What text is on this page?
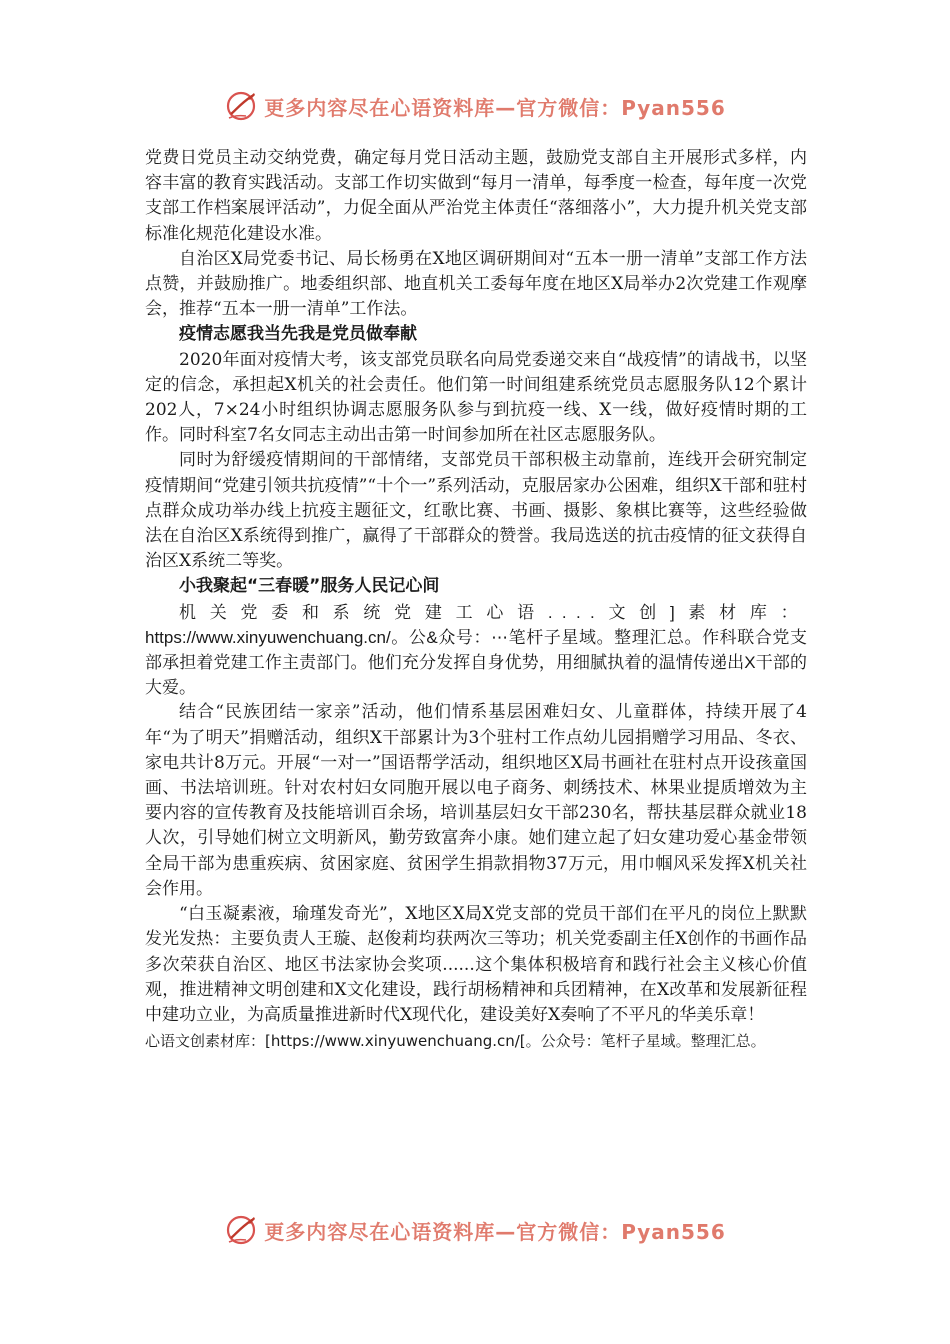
更多内容尽在心语资料库—官方微信：Pyan556

党费日党员主动交纳党费，确定每月党日活动主题，鼓励党支部自主开展形式多样，内容丰富的教育实践活动。支部工作切实做到“每月一清单，每季度一检查，每年度一次党支部工作档案展评活动”，力促全面从严治党主体责任“落细落小”，大力提升机关党支部标准化规范化建设水准。

自治区X局党委书记、局长杨勇在X地区调研期间对“五本一册一清单”支部工作方法点赞，并鼓励推广。地委组织部、地直机关工委每年度在地区X局举办2次党建工作观摩会，推荐“五本一册一清单”工作法。

疫情志愿我当先我是党员做奉献

2020年面对疫情大考，该支部党员联名向局党委递交来自“战疫情”的请战书，以坚定的信念，承担起X机关的社会责任。他们第一时间组建系统党员志愿服务队12个累计202人，7×24小时组织协调志愿服务队参与到抗疫一线、X一线，做好疫情时期的工作。同时科室7名女同志主动出击第一时间参加所在社区志愿服务队。

同时为舒缓疫情期间的干部情绪，支部党员干部积极主动靠前，连线开会研究制定疫情期间“党建引领共抗疫情”“十个一”系列活动，克服居家办公困难，组织X干部和驻村点群众成功举办线上抗疫主题征文，红歌比赛、书画、摄影、象棋比赛等，这些经验做法在自治区X系统得到推广，赢得了干部群众的赞誉。我局选送的抗击疫情的征文获得自治区X系统二等奖。

小我聚起“三春暖”服务人民记心间

机关党委和系统党建工心语....文创]素材库：https://www.xinyuwenchuang.cn/。公&众号：⋯笔杆子星域。整理汇总。作科联合党支部承担着党建工作主责部门。他们充分发挥自身优势，用细腻执着的温情传递出X干部的大爱。

结合“民族团结一家亲”活动，他们情系基层困难妇女、儿童群体，持续开展了4年“为了明天”捐赠活动，组织X干部累计为3个驻村工作点幼儿园捐赠学习用品、冬衣、家电共计8万元。开展“一对一”国语帮学活动，组织地区X局书画社在驻村点开设孩童国画、书法培训班。针对农村妇女同胞开展以电子商务、刺绣技术、林果业提质增效为主要内容的宣传教育及技能培训百余场，培训基层妇女干部230名，帮扶基层群众就业18人次，引导她们树立文明新风，勤劳致富奔小康。她们建立起了妇女建功爱心基金带领全局干部为患重疾病、贫困家庭、贫困学生捐款捐物37万元，用巾帼风采发挥X机关社会作用。

“白玉凝素液，瑜瑾发奇光”，X地区X局X党支部的党员干部们在平凡的岗位上默默发光发热：主要负责人王璇、赵俊莉均获两次三等功；机关党委副主任X创作的书画作品多次荣获自治区、地区书法家协会奖项......这个集体积极培育和践行社会主义核心价值观，推进精神文明创建和X文化建设，践行胡杨精神和兵团精神，在X改革和发展新征程中建功立业，为高质量推进新时代X现代化，建设美好X奏响了不平凡的华美乐章！

心语文创素材库：[https://www.xinyuwenchuang.cn/[。公众号：笔杆子星域。整理汇总。

更多内容尽在心语资料库—官方微信：Pyan556
